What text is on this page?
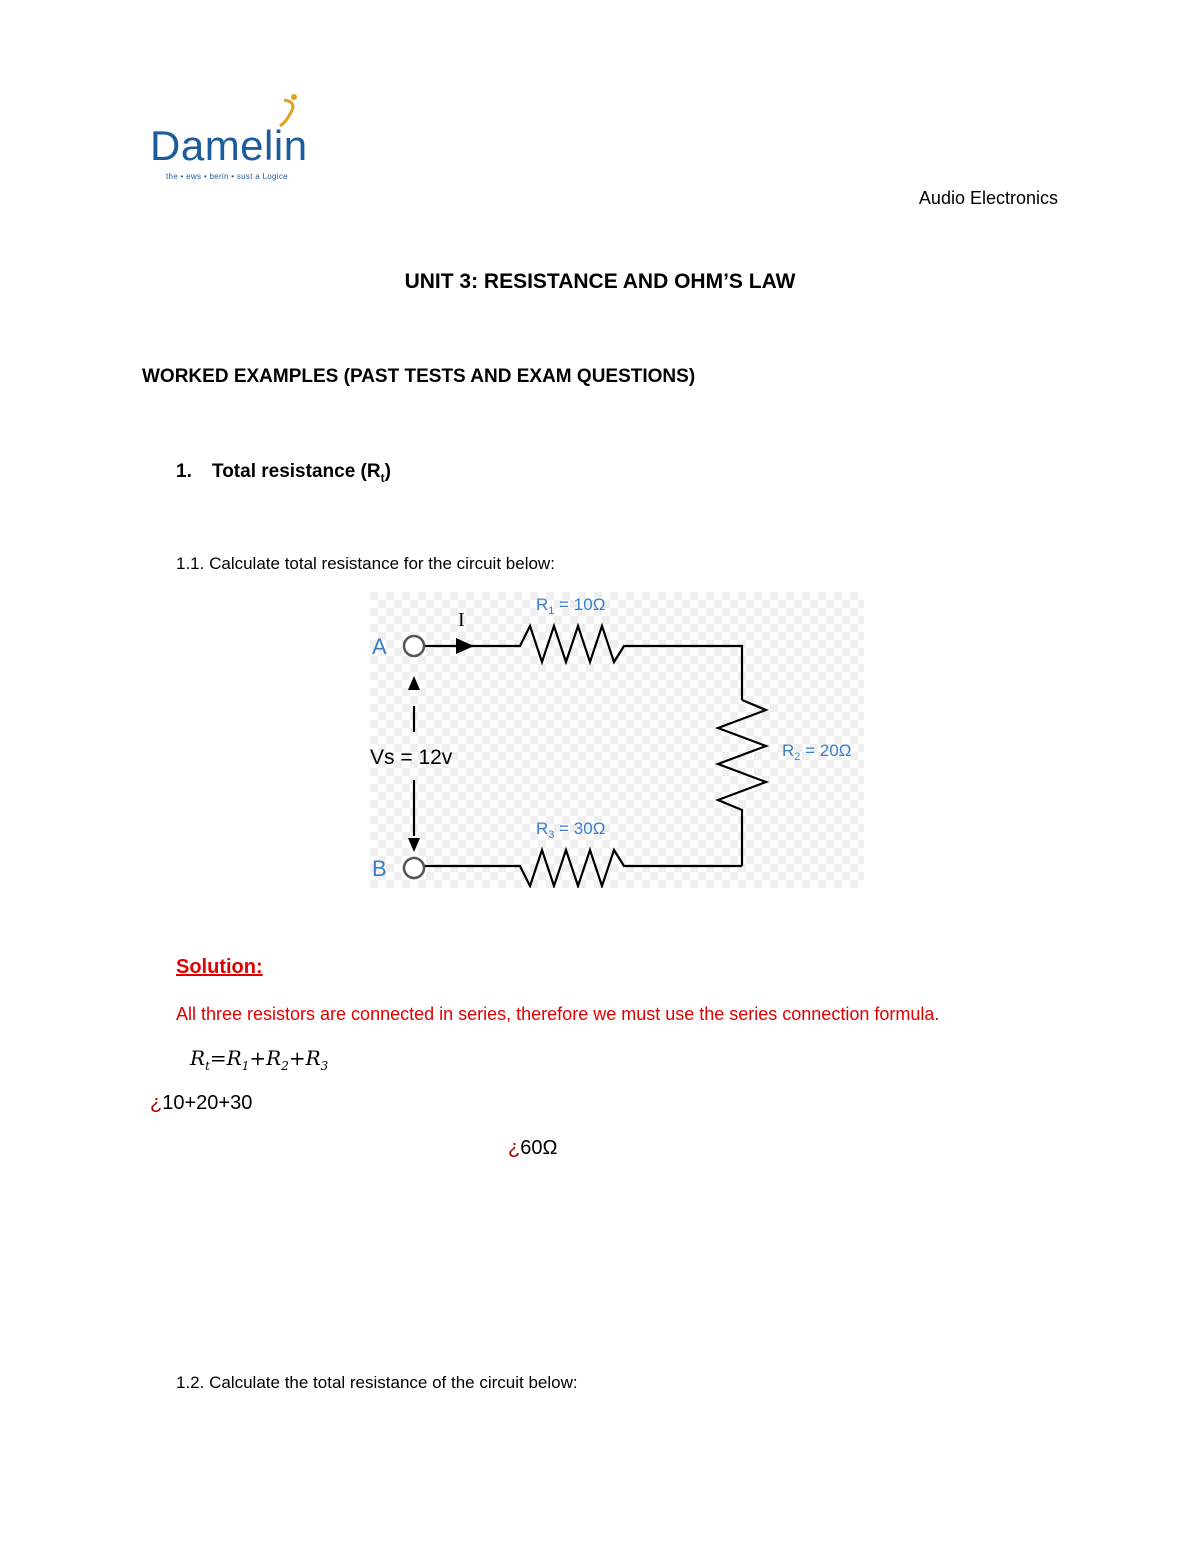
Damelin
the • ews • berin • sust a Logice
Audio Electronics
UNIT 3: RESISTANCE AND OHM’S LAW
WORKED EXAMPLES (PAST TESTS AND EXAM QUESTIONS)
1. Total resistance $(R_t)$
1.1. Calculate total resistance for the circuit below:
A
B
I
Vs = 12v
$R_1 = 10\Omega$
$R_2 = 20\Omega$
$R_3 = 30\Omega$
Solution:
All three resistors are connected in series, therefore we must use the series connection formula.
$R_t=R_1+R_2+R_3$
¿10+20+30
¿60Ω
1.2. Calculate the total resistance of the circuit below:
